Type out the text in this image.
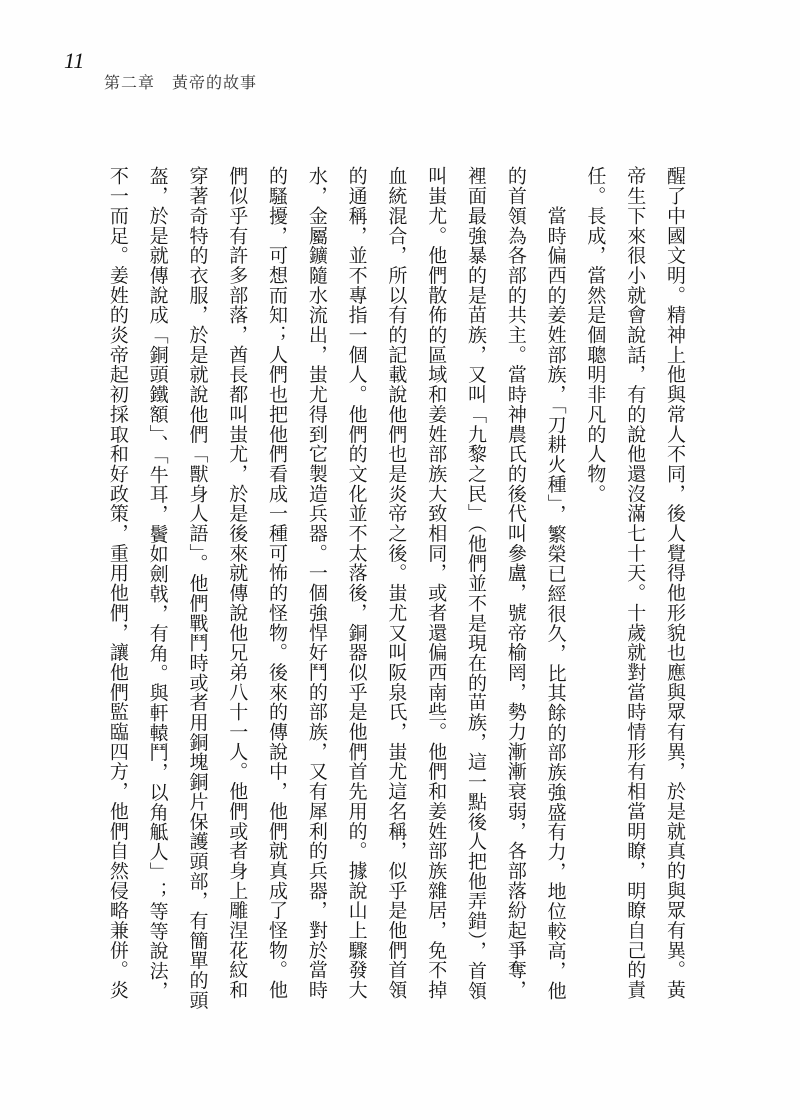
11
第二章　黃帝的故事
醒了中國文明。精神上他與常人不同，後人覺得他形貌也應與眾有異，於是就真的與眾有異。黃
帝生下來很小就會說話，有的說他還沒滿七十天。十歲就對當時情形有相當明瞭，明瞭自己的責
任。長成，當然是個聰明非凡的人物。
　　當時偏西的姜姓部族，「刀耕火種」，繁榮已經很久，比其餘的部族強盛有力，地位較高，他
的首領為各部的共主。當時神農氏的後代叫參盧，號帝榆罔，勢力漸漸衰弱，各部落紛起爭奪，
裡面最強暴的是苗族，又叫「九黎之民」（他們並不是現在的苗族，這一點後人把他弄錯），首領
叫蚩尤。他們散佈的區域和姜姓部族大致相同，或者還偏西南些。他們和姜姓部族雜居，免不掉
血統混合，所以有的記載說他們也是炎帝之後。蚩尤又叫阪泉氏，蚩尤這名稱，似乎是他們首領
的通稱，並不專指一個人。他們的文化並不太落後，銅器似乎是他們首先用的。據說山上驟發大
水，金屬鑛隨水流出，蚩尤得到它製造兵器。一個強悍好鬥的部族，又有犀利的兵器，對於當時
的騷擾，可想而知；人們也把他們看成一種可怖的怪物。後來的傳說中，他們就真成了怪物。他
們似乎有許多部落，酋長都叫蚩尤，於是後來就傳說他兄弟八十一人。他們或者身上雕涅花紋和
穿著奇特的衣服，於是就說他們「獸身人語」。他們戰鬥時或者用銅塊銅片保護頭部，有簡單的頭
盔，於是就傳說成「銅頭鐵額」、「牛耳，鬢如劍戟，有角。與軒轅鬥，以角觝人」；等等說法，
不一而足。姜姓的炎帝起初採取和好政策，重用他們，讓他們監臨四方，他們自然侵略兼併。炎
